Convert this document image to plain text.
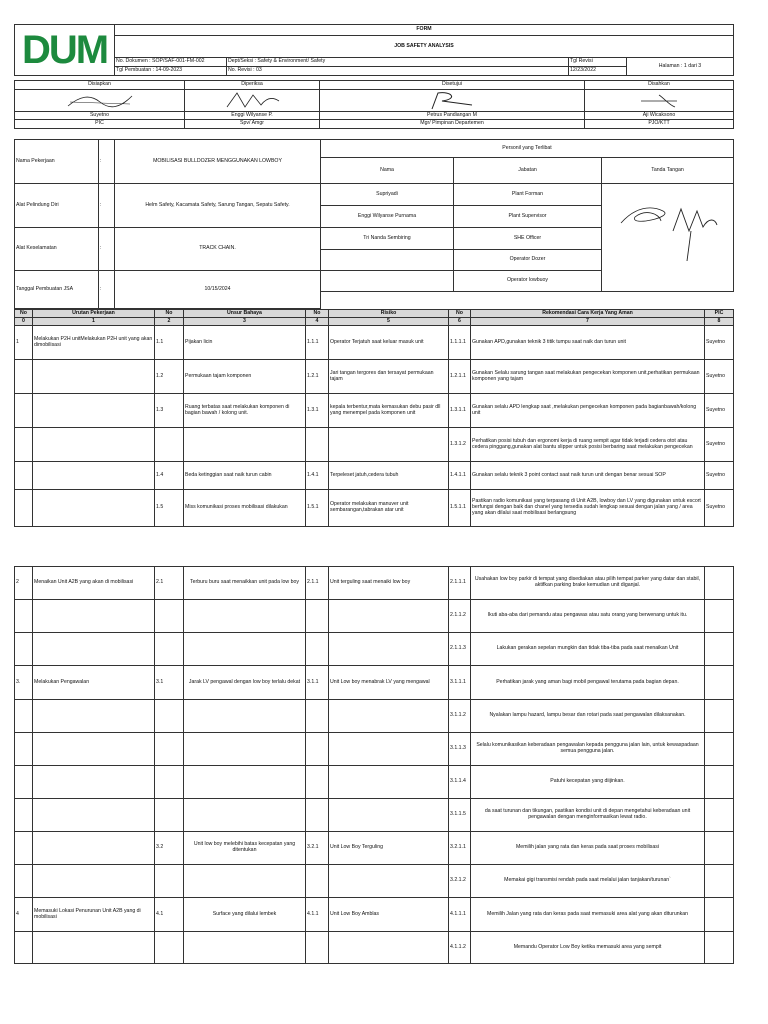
DUM	FORM			
	JOB SAFETY ANALYSIS			
	No. Dokumen : SOP/SAF-001-FM-002	Dept/Seksi : Safety & Environment/ Safety	Tgl Revisi	Halaman : 1 dari 3
	Tgl Pembuatan : 14-09-2023	No. Revisi : 03	12/23/2022	
Disiapkan	Diperiksa	Disetujui	Disahkan

Suyetno	Enggi Wilyanse P.	Petrus Pandiangan M	Aji Wicaksono
PIC	Spv/ Amgr	Mgr/ Pimpinan Departemen	PJO/KTT
Nama Pekerjaan	:	MOBILISASI BULLDOZER MENGGUNAKAN LOWBOY	Personil yang Terlibat		
			Nama	Jabatan	Tanda Tangan
Alat Pelindung Diri	:	Helm Safety, Kacamata Safety, Sarung Tangan, Sepatu Safety.	Supriyadi	Plant Forman	
			Enggi Wilyanse Purnama	Plant Supervisor	
Alat Keselamatan	:	TRACK CHAIN.	Tri Nanda Sembiring	SHE Officer	
				Operator Dozer	
Tanggal Pembuatan JSA	:	10/15/2024		Operator lowbuoy	

No	Urutan Pekerjaan	No	Unsur Bahaya	No	Risiko	No	Rekomendasi Cara Kerja Yang Aman	PIC
0	1	2	3	4	5	6	7	8
1	Melakukan P2H unitMelakukan P2H unit yang akan dimobilisasi	1.1	Pijakan licin	1.1.1	Operator Terjatuh saat keluar masuk unit	1.1.1.1	Gunakan APD,gunakan teknik 3 titik tumpu saat naik dan turun unit	Suyetno
		1.2	Permukaan tajam komponen	1.2.1	Jari tangan tergores dan tersayat permukaan tajam	1.2.1.1	Gunakan Selalu sarung tangan saat melakukan pengecekan komponen unit,perhatikan permukaan komponen yang tajam	Suyetno
		1.3	Ruang terbatas saat melakukan komponen di bagian bawah / kolong unit.	1.3.1	kepala terbentur,mata kemasukan debu pasir dll yang menempel pada komponen unit	1.3.1.1	Gunakan selalu APD lengkap saat ,melakukan pengecekan komponen pada bagianbawah/kolong unit	Suyetno
						1.3.1.2	Perhatikan posisi tubuh dan ergonomi kerja di ruang sempit agar tidak terjadi cedera otot atau cedera pinggang,gunakan alat bantu slipper untuk posisi berbaring saat melakukan pengecekan	Suyetno
		1.4	Beda ketinggian saat naik turun cabin	1.4.1	Terpeleset jatuh,cedera tubuh	1.4.1.1	Gunakan selalu teknik 3 point contact saat naik turun unit dengan benar sesuai SOP	Suyetno
		1.5	Miss komunikasi proses mobilisasi dilakukan	1.5.1	Operator melakukan manuver unit sembarangan,tabrakan atar unit	1.5.1.1	Pastikan radio komunikasi yang terpasang di Unit A2B, lowboy dan LV yang digunakan untuk escort berfungsi dengan baik dan chanel yang tersedia sudah lengkap sesuai dengan jalan yang / area yang akan dilalui saat mobilisasi berlangsung	Suyetno
2	Menaikan Unit A2B yang akan di mobilisasi	2.1	Terburu buru saat menaikkan unit pada low boy	2.1.1	Unit terguling saat menaiki low boy	2.1.1.1	Usahakan low boy parkir di tempat yang disediakan atau pilih tempat parker yang datar dan stabil, aktifkan parking brake kemudian unit diganjal.	
						2.1.1.2	Ikuti aba-aba dari pemandu atau pengawas atau satu orang yang berwenang untuk itu.	
						2.1.1.3	Lakukan gerakan sepelan mungkin dan tidak tiba-tiba pada saat menaikan Unit	
3.	Melakukan Pengawalan	3.1	Jarak LV pengawal dengan low boy terlalu dekat	3.1.1	Unit Low boy menabrak LV yang mengawal	3.1.1.1	Perhatikan jarak yang aman bagi mobil pengawal terutama pada bagian depan.	
						3.1.1.2	Nyalakan lampu hazard, lampu besar dan rotari pada saat pengawalan dilaksanakan.	
						3.1.1.3	Selalu komunikasikan keberadaan pengawalan kepada pengguna jalan lain, untuk kewaspadaan semua pengguna jalan.	
						3.1.1.4	Patuhi kecepatan yang diijinkan.	
						3.1.1.5	da saat turunan dan tikungan, pastikan kondisi unit di depan mengetahui keberadaan unit pengawalan dengan menginformasikan lewat radio.	
		3.2	Unit low boy melebihi batas kecepatan yang ditentukan	3.2.1	Unit Low Boy Terguling	3.2.1.1	Memilih jalan yang rata dan keras pada saat proses mobilisasi	
						3.2.1.2	Memakai gigi transmisi rendah pada saat melalui jalan tanjakan/turunan`	
4	Memasuki Lokasi Penurunan Unit A2B yang di mobilisasi	4.1	Surface yang dilalui lembek	4.1.1	Unit Low Boy Amblas	4.1.1.1	Memilih Jalan yang rata dan keras pada saat memasuki area alat yang akan diturunkan	
						4.1.1.2	Memandu Operator Low Boy ketika memasuki area yang sempit	
